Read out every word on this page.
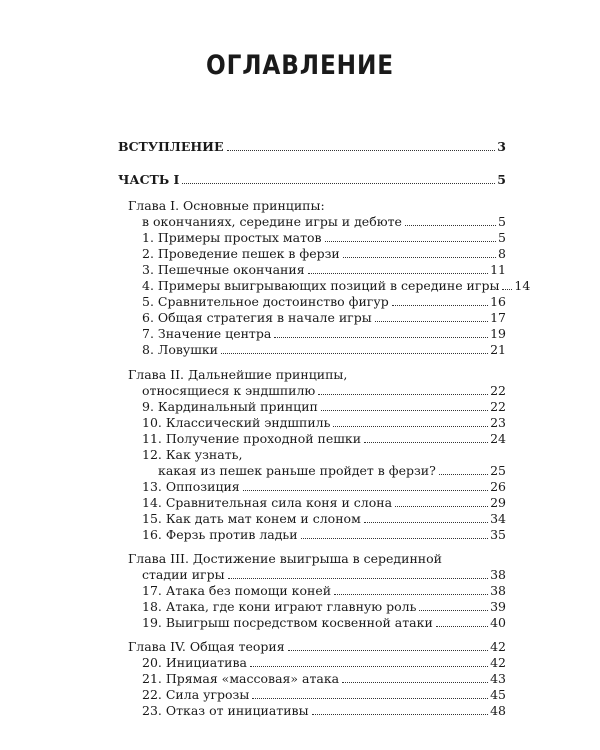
ОГЛАВЛЕНИЕ
ВСТУПЛЕНИЕ	3
ЧАСТЬ I	5
Глава I. Основные принципы:
в окончаниях, середине игры и дебюте	5
1. Примеры простых матов	5
2. Проведение пешек в ферзи	8
3. Пешечные окончания	11
4. Примеры выигрывающих позиций в середине игры 14
5. Сравнительное достоинство фигур	16
6. Общая стратегия в начале игры	17
7. Значение центра	19
8. Ловушки	21
Глава II. Дальнейшие принципы,
относящиеся к эндшпилю	22
9. Кардинальный принцип	22
10. Классический эндшпиль	23
11. Получение проходной пешки	24
12. Как узнать,
какая из пешек раньше пройдет в ферзи?	25
13. Оппозиция	26
14. Сравнительная сила коня и слона	29
15. Как дать мат конем и слоном	34
16. Ферзь против ладьи	35
Глава III. Достижение выигрыша в серединной
стадии игры	38
17. Атака без помощи коней	38
18. Атака, где кони играют главную роль	39
19. Выигрыш посредством косвенной атаки	40
Глава IV. Общая теория	42
20. Инициатива	42
21. Прямая «массовая» атака	43
22. Сила угрозы	45
23. Отказ от инициативы	48
